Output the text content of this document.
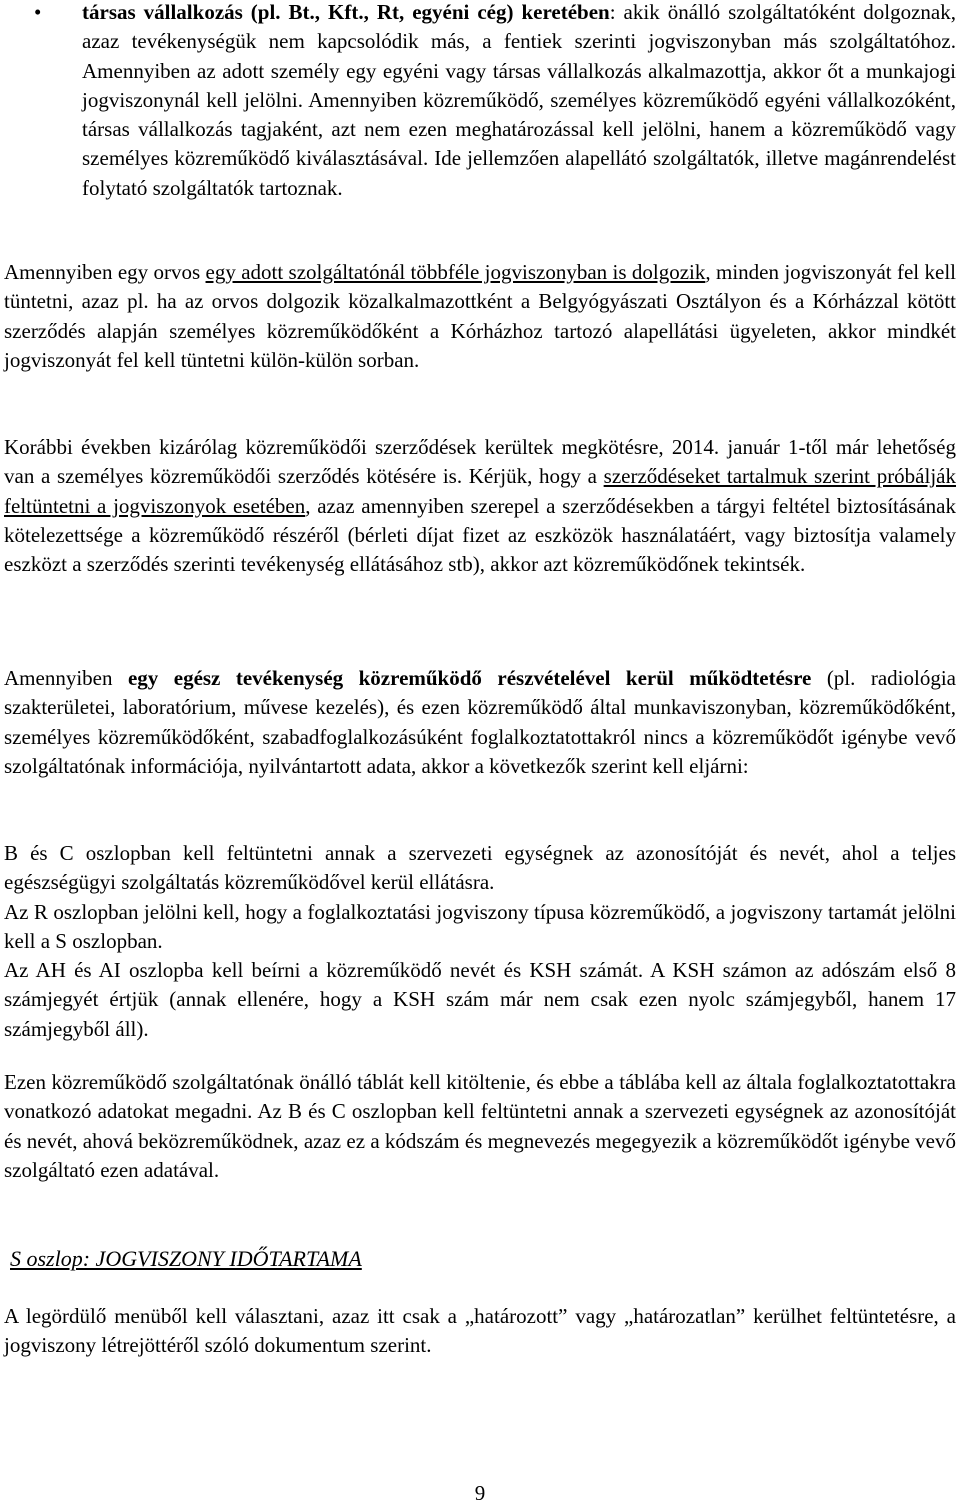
• társas vállalkozás (pl. Bt., Kft., Rt, egyéni cég) keretében: akik önálló szolgáltatóként dolgoznak, azaz tevékenységük nem kapcsolódik más, a fentiek szerinti jogviszonyban más szolgáltatóhoz. Amennyiben az adott személy egy egyéni vagy társas vállalkozás alkalmazottja, akkor őt a munkajogi jogviszonynál kell jelölni. Amennyiben közreműködő, személyes közreműködő egyéni vállalkozóként, társas vállalkozás tagjaként, azt nem ezen meghatározással kell jelölni, hanem a közreműködő vagy személyes közreműködő kiválasztásával. Ide jellemzően alapellátó szolgáltatók, illetve magánrendelést folytató szolgáltatók tartoznak.

Amennyiben egy orvos egy adott szolgáltatónál többféle jogviszonyban is dolgozik, minden jogviszonyát fel kell tüntetni, azaz pl. ha az orvos dolgozik közalkalmazottként a Belgyógyászati Osztályon és a Kórházzal kötött szerződés alapján személyes közreműködőként a Kórházhoz tartozó alapellátási ügyeleten, akkor mindkét jogviszonyát fel kell tüntetni külön-külön sorban.

Korábbi években kizárólag közreműködői szerződések kerültek megkötésre, 2014. január 1-től már lehetőség van a személyes közreműködői szerződés kötésére is. Kérjük, hogy a szerződéseket tartalmuk szerint próbálják feltüntetni a jogviszonyok esetében, azaz amennyiben szerepel a szerződésekben a tárgyi feltétel biztosításának kötelezettsége a közreműködő részéről (bérleti díjat fizet az eszközök használatáért, vagy biztosítja valamely eszközt a szerződés szerinti tevékenység ellátásához stb), akkor azt közreműködőnek tekintsék.

Amennyiben egy egész tevékenység közreműködő részvételével kerül működtetésre (pl. radiológia szakterületei, laboratórium, művese kezelés), és ezen közreműködő által munkaviszonyban, közreműködőként, személyes közreműködőként, szabadfoglalkozásúként foglalkoztatottakról nincs a közreműködőt igénybe vevő szolgáltatónak információja, nyilvántartott adata, akkor a következők szerint kell eljárni:

B és C oszlopban kell feltüntetni annak a szervezeti egységnek az azonosítóját és nevét, ahol a teljes egészségügyi szolgáltatás közreműködővel kerül ellátásra.
Az R oszlopban jelölni kell, hogy a foglalkoztatási jogviszony típusa közreműködő, a jogviszony tartamát jelölni kell a S oszlopban.
Az AH és AI oszlopba kell beírni a közreműködő nevét és KSH számát. A KSH számon az adószám első 8 számjegyét értjük (annak ellenére, hogy a KSH szám már nem csak ezen nyolc számjegyből, hanem 17 számjegyből áll).

Ezen közreműködő szolgáltatónak önálló táblát kell kitöltenie, és ebbe a táblába kell az általa foglalkoztatottakra vonatkozó adatokat megadni. Az B és C oszlopban kell feltüntetni annak a szervezeti egységnek az azonosítóját és nevét, ahová beközreműködnek, azaz ez a kódszám és megnevezés megegyezik a közreműködőt igénybe vevő szolgáltató ezen adatával.

S oszlop: JOGVISZONY IDŐTARTAMA

A legördülő menüből kell választani, azaz itt csak a „határozott” vagy „határozatlan” kerülhet feltüntetésre, a jogviszony létrejöttéről szóló dokumentum szerint.

9
